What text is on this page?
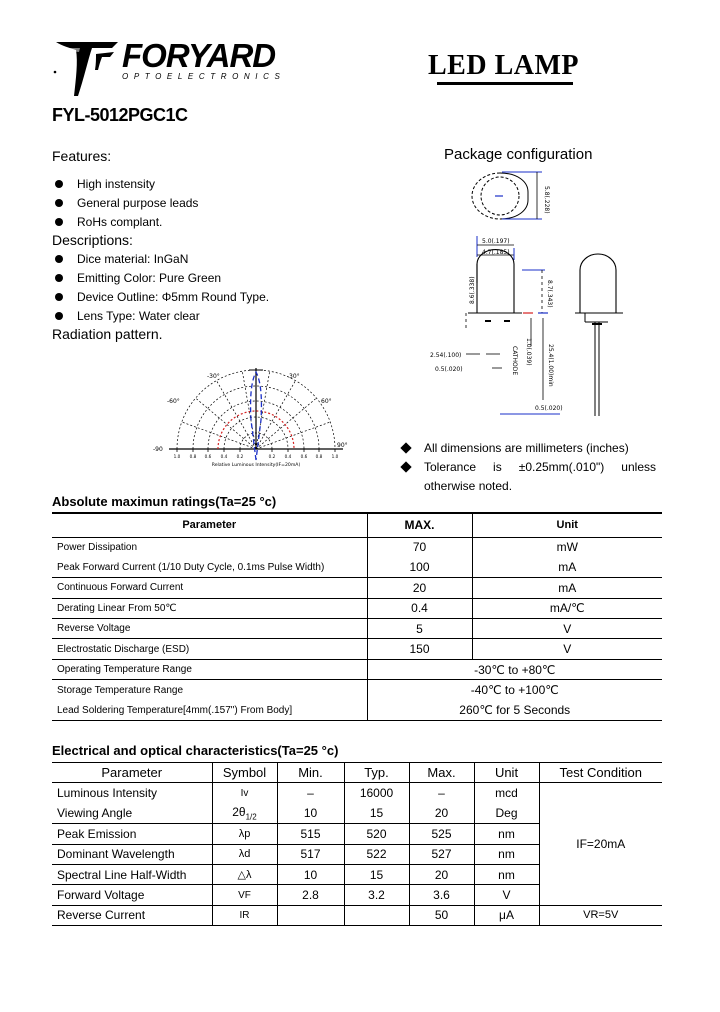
FORYARD
OPTOELECTRONICS	LED LAMP
FYL-5012PGC1C
Features:
High instensity
General purpose leads
RoHs complant.
Descriptions:
Dice material: InGaN
Emitting Color: Pure Green
Device Outline: Φ5mm Round Type.
Lens Type: Water clear
Radiation pattern.
-90
-60°
-30°	30°
60°
90°
1.0 0.8 0.6 0.4 0.2	0.2 0.4 0.6 0.8 1.0
Relative Luminous Intensity(IF=20mA)
Package configuration
5.8(.228)
5.0(.197)
4.7(.185)
8.6(.338)	8.7(.343)
1.0(.039)	25.4(1.00)min
CATHODE
2.54(.100)
0.5(.020)
0.5(.020)
All dimensions are millimeters (inches)
Tolerance   is   ±0.25mm(.010")   unless otherwise noted.
Absolute maximun ratings(Ta=25 °c)
Parameter	MAX.	Unit
Power Dissipation	70	mW
Peak Forward Current (1/10 Duty Cycle, 0.1ms Pulse Width)	100	mA
Continuous Forward Current	20	mA
Derating Linear From 50℃	0.4	mA/℃
Reverse Voltage	5	V
Electrostatic Discharge (ESD)	150	V
Operating Temperature Range	-30℃ to +80℃	
Storage Temperature Range	-40℃ to +100℃	
Lead Soldering Temperature[4mm(.157") From Body]	260℃ for 5 Seconds	
Electrical and optical characteristics(Ta=25 °c)
Parameter	Symbol	Min.	Typ.	Max.	Unit	Test Condition
Luminous Intensity	Iv	–	16000	–	mcd	IF=20mA
Viewing Angle	$2\theta_{1/2}$	10	15	20	Deg	
Peak Emission	λp	515	520	525	nm	
Dominant Wavelength	λd	517	522	527	nm	
Spectral Line Half-Width	△λ	10	15	20	nm	
Forward Voltage	VF	2.8	3.2	3.6	V	
Reverse Current	IR			50	μA	VR=5V
